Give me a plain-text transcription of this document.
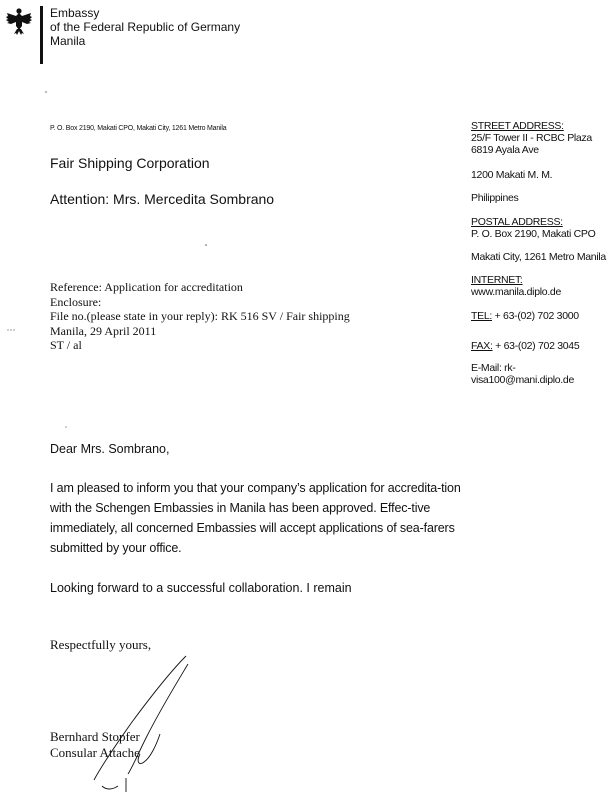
Embassy
of the Federal Republic of Germany
Manila
P. O. Box 2190, Makati CPO, Makati City, 1261 Metro Manila
Fair Shipping Corporation
Attention: Mrs. Mercedita Sombrano
Reference: Application for accreditation
Enclosure:
File no.(please state in your reply): RK 516 SV / Fair shipping
Manila, 29 April 2011
ST / al
STREET ADDRESS:
25/F Tower II - RCBC Plaza
6819 Ayala Ave
1200 Makati M. M.
Philippines
POSTAL ADDRESS:
P. O. Box 2190, Makati CPO
Makati City, 1261 Metro Manila
INTERNET:
www.manila.diplo.de
TEL: + 63-(02) 702 3000
FAX: + 63-(02) 702 3045
E-Mail: rk-
visa100@mani.diplo.de
Dear Mrs. Sombrano,
I am pleased to inform you that your company’s application for accredita-tion with the Schengen Embassies in Manila has been approved. Effec-tive immediately, all concerned Embassies will accept applications of sea-farers submitted by your office.
Looking forward to a successful collaboration. I remain
Respectfully yours,
Bernhard Stopfer
Consular Attache
